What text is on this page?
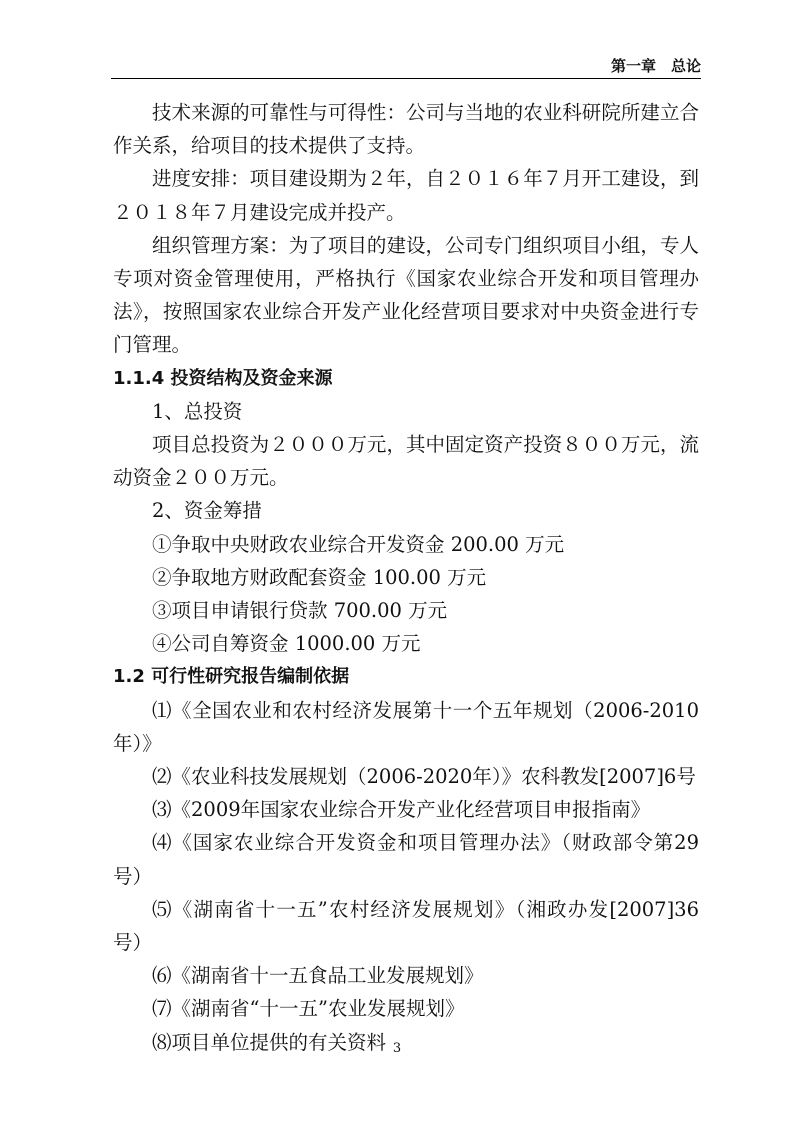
第一章　总论

技术来源的可靠性与可得性：公司与当地的农业科研院所建立合作关系，给项目的技术提供了支持。

进度安排：项目建设期为２年，自２０１６年７月开工建设，到２０１８年７月建设完成并投产。

组织管理方案：为了项目的建设，公司专门组织项目小组，专人专项对资金管理使用，严格执行《国家农业综合开发和项目管理办法》，按照国家农业综合开发产业化经营项目要求对中央资金进行专门管理。

1.1.4 投资结构及资金来源

1、总投资

项目总投资为２０００万元，其中固定资产投资８００万元，流动资金２００万元。

2、资金筹措

①争取中央财政农业综合开发资金 200.00 万元

②争取地方财政配套资金 100.00 万元

③项目申请银行贷款 700.00 万元

④公司自筹资金 1000.00 万元

1.2 可行性研究报告编制依据

⑴《全国农业和农村经济发展第十一个五年规划（2006-2010年）》

⑵《农业科技发展规划（2006-2020年）》农科教发[2007]6号

⑶《2009年国家农业综合开发产业化经营项目申报指南》

⑷《国家农业综合开发资金和项目管理办法》（财政部令第29号）

⑸《湖南省十一五”农村经济发展规划》（湘政办发[2007]36号）

⑹《湖南省十一五食品工业发展规划》

⑺《湖南省“十一五”农业发展规划》

⑻项目单位提供的有关资料 3
